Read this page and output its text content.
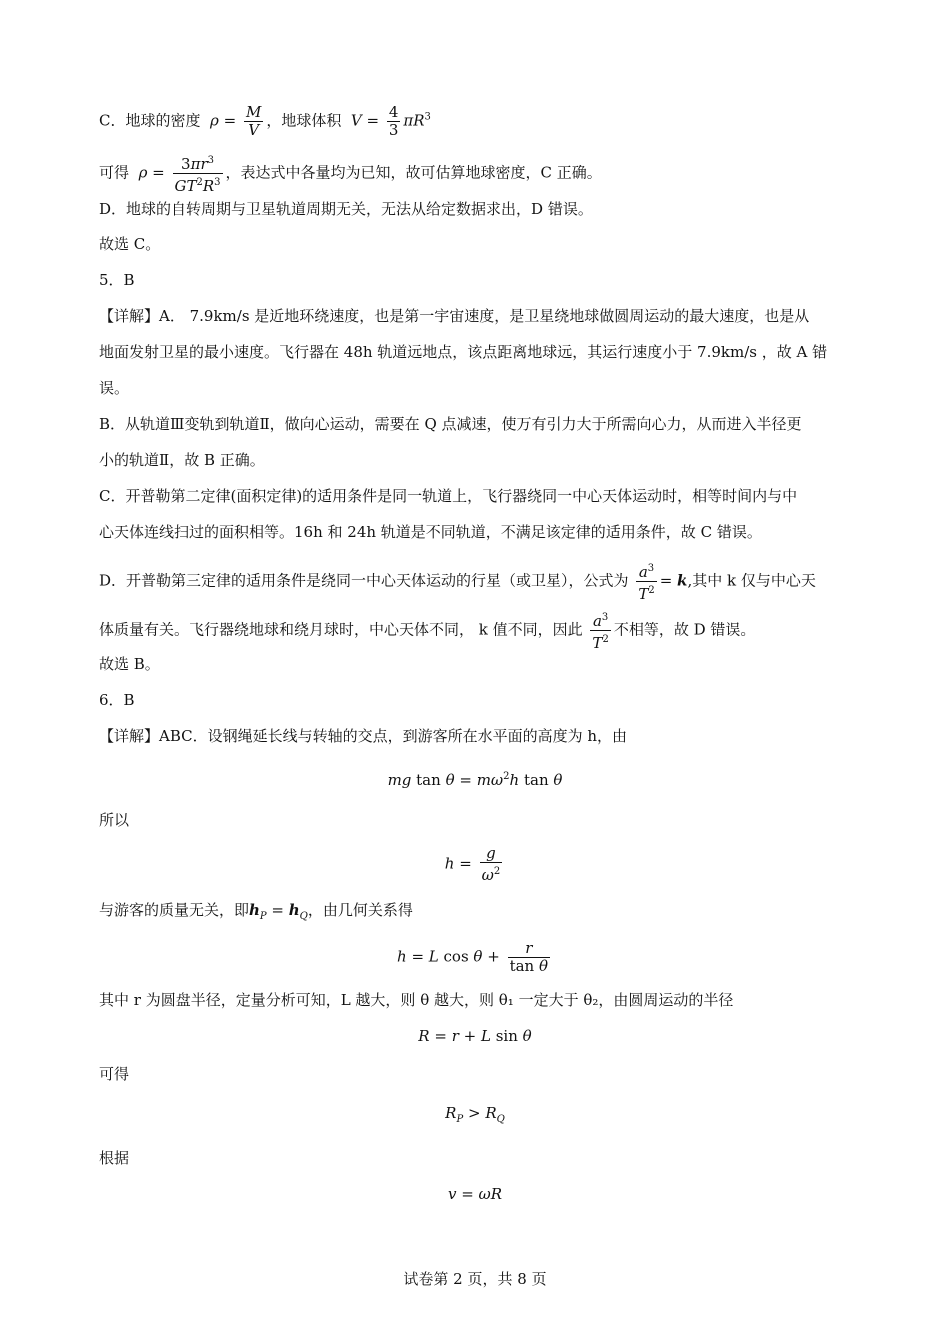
C．地球的密度 $\rho = \frac{M}{V}$ ，地球体积 $V = \frac{4}{3} \pi R^3$
可得 $\rho = \frac{3\pi r^3}{GT^2R^3}$ ，表达式中各量均为已知，故可估算地球密度，C 正确。
D．地球的自转周期与卫星轨道周期无关，无法从给定数据求出，D 错误。
故选 C。
5．B
【详解】A． 7.9km/s 是近地环绕速度，也是第一宇宙速度，是卫星绕地球做圆周运动的最大速度，也是从
地面发射卫星的最小速度。飞行器在 48h 轨道远地点，该点距离地球远，其运行速度小于 7.9km/s ，故 A 错
误。
B．从轨道Ⅲ变轨到轨道Ⅱ，做向心运动，需要在 Q 点减速，使万有引力大于所需向心力，从而进入半径更
小的轨道Ⅱ，故 B 正确。
C．开普勒第二定律(面积定律)的适用条件是同一轨道上，飞行器绕同一中心天体运动时，相等时间内与中
心天体连线扫过的面积相等。16h 和 24h 轨道是不同轨道，不满足该定律的适用条件，故 C 错误。
D．开普勒第三定律的适用条件是绕同一中心天体运动的行星（或卫星），公式为 $\frac{a^3}{T^2} = k$,其中 k 仅与中心天
体质量有关。飞行器绕地球和绕月球时，中心天体不同， k 值不同，因此 $\frac{a^3}{T^2}$ 不相等，故 D 错误。
故选 B。
6．B
【详解】ABC．设钢绳延长线与转轴的交点，到游客所在水平面的高度为 h，由
mg $\tan \theta = m\omega^2h$ tan θ
所以
$h = \frac{g}{\omega^2}$
与游客的质量无关，即$h_P = h_Q$，由几何关系得
h = L $\cos \theta + \frac{r}{\text{tan θ}}$
其中 r 为圆盘半径，定量分析可知，L 越大，则 θ 越大，则 θ₁ 一定大于 θ₂，由圆周运动的半径
R = r + L sin θ
可得
$R_P > R_Q$
根据
v = ωR
试卷第 2 页，共 8 页
